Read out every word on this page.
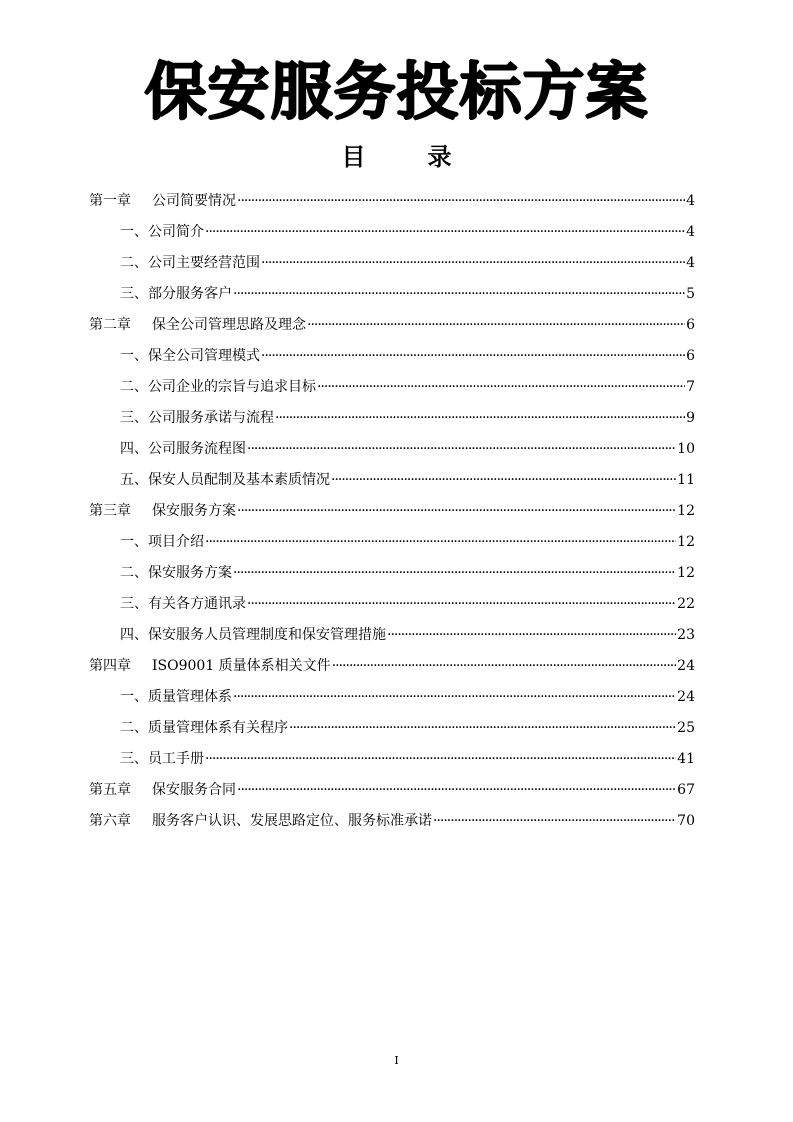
保安服务投标方案
目	录
第一章	公司简要情况 ·····	4
一、公司简介 ·····	4
二、公司主要经营范围 ·····	4
三、部分服务客户 ·····	5
第二章	保全公司管理思路及理念 ·····	6
一、保全公司管理模式 ·····	6
二、公司企业的宗旨与追求目标 ·····	7
三、公司服务承诺与流程 ·····	9
四、公司服务流程图 ·····	10
五、保安人员配制及基本素质情况 ·····	11
第三章	保安服务方案 ·····	12
一、项目介绍 ·····	12
二、保安服务方案 ·····	12
三、有关各方通讯录 ·····	22
四、保安服务人员管理制度和保安管理措施 ·····	23
第四章	ISO9001 质量体系相关文件 ·····	24
一、质量管理体系 ·····	24
二、质量管理体系有关程序 ·····	25
三、员工手册 ·····	41
第五章	保安服务合同 ·····	67
第六章	服务客户认识、发展思路定位、服务标准承诺 ·····	70
I
